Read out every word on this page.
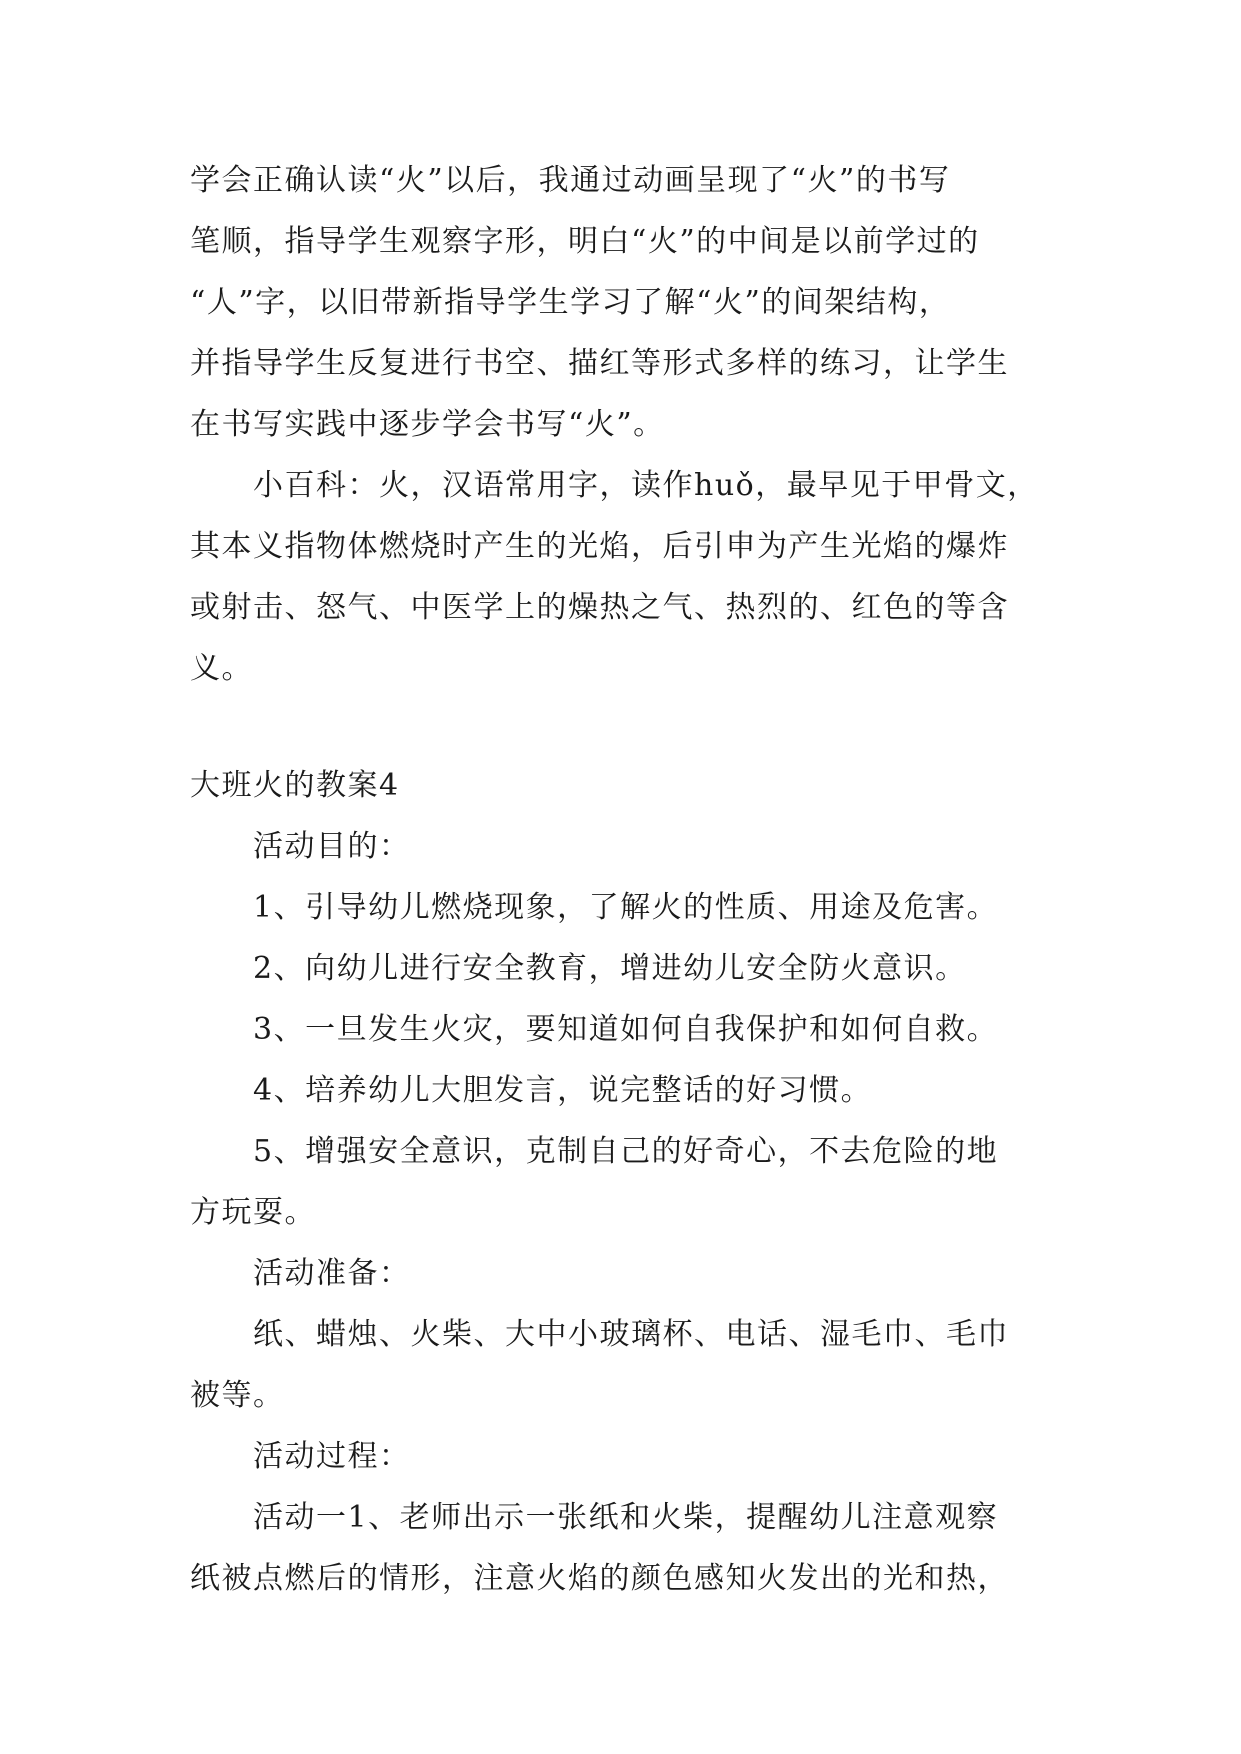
学会正确认读“火”以后，我通过动画呈现了“火”的书写
笔顺，指导学生观察字形，明白“火”的中间是以前学过的
“人”字，以旧带新指导学生学习了解“火”的间架结构，
并指导学生反复进行书空、描红等形式多样的练习，让学生
在书写实践中逐步学会书写“火”。
小百科：火，汉语常用字，读作huǒ，最早见于甲骨文，
其本义指物体燃烧时产生的光焰，后引申为产生光焰的爆炸
或射击、怒气、中医学上的燥热之气、热烈的、红色的等含
义。
大班火的教案4
活动目的：
1、引导幼儿燃烧现象，了解火的性质、用途及危害。
2、向幼儿进行安全教育，增进幼儿安全防火意识。
3、一旦发生火灾，要知道如何自我保护和如何自救。
4、培养幼儿大胆发言，说完整话的好习惯。
5、增强安全意识，克制自己的好奇心，不去危险的地
方玩耍。
活动准备：
纸、蜡烛、火柴、大中小玻璃杯、电话、湿毛巾、毛巾
被等。
活动过程：
活动一1、老师出示一张纸和火柴，提醒幼儿注意观察
纸被点燃后的情形，注意火焰的颜色感知火发出的光和热，
